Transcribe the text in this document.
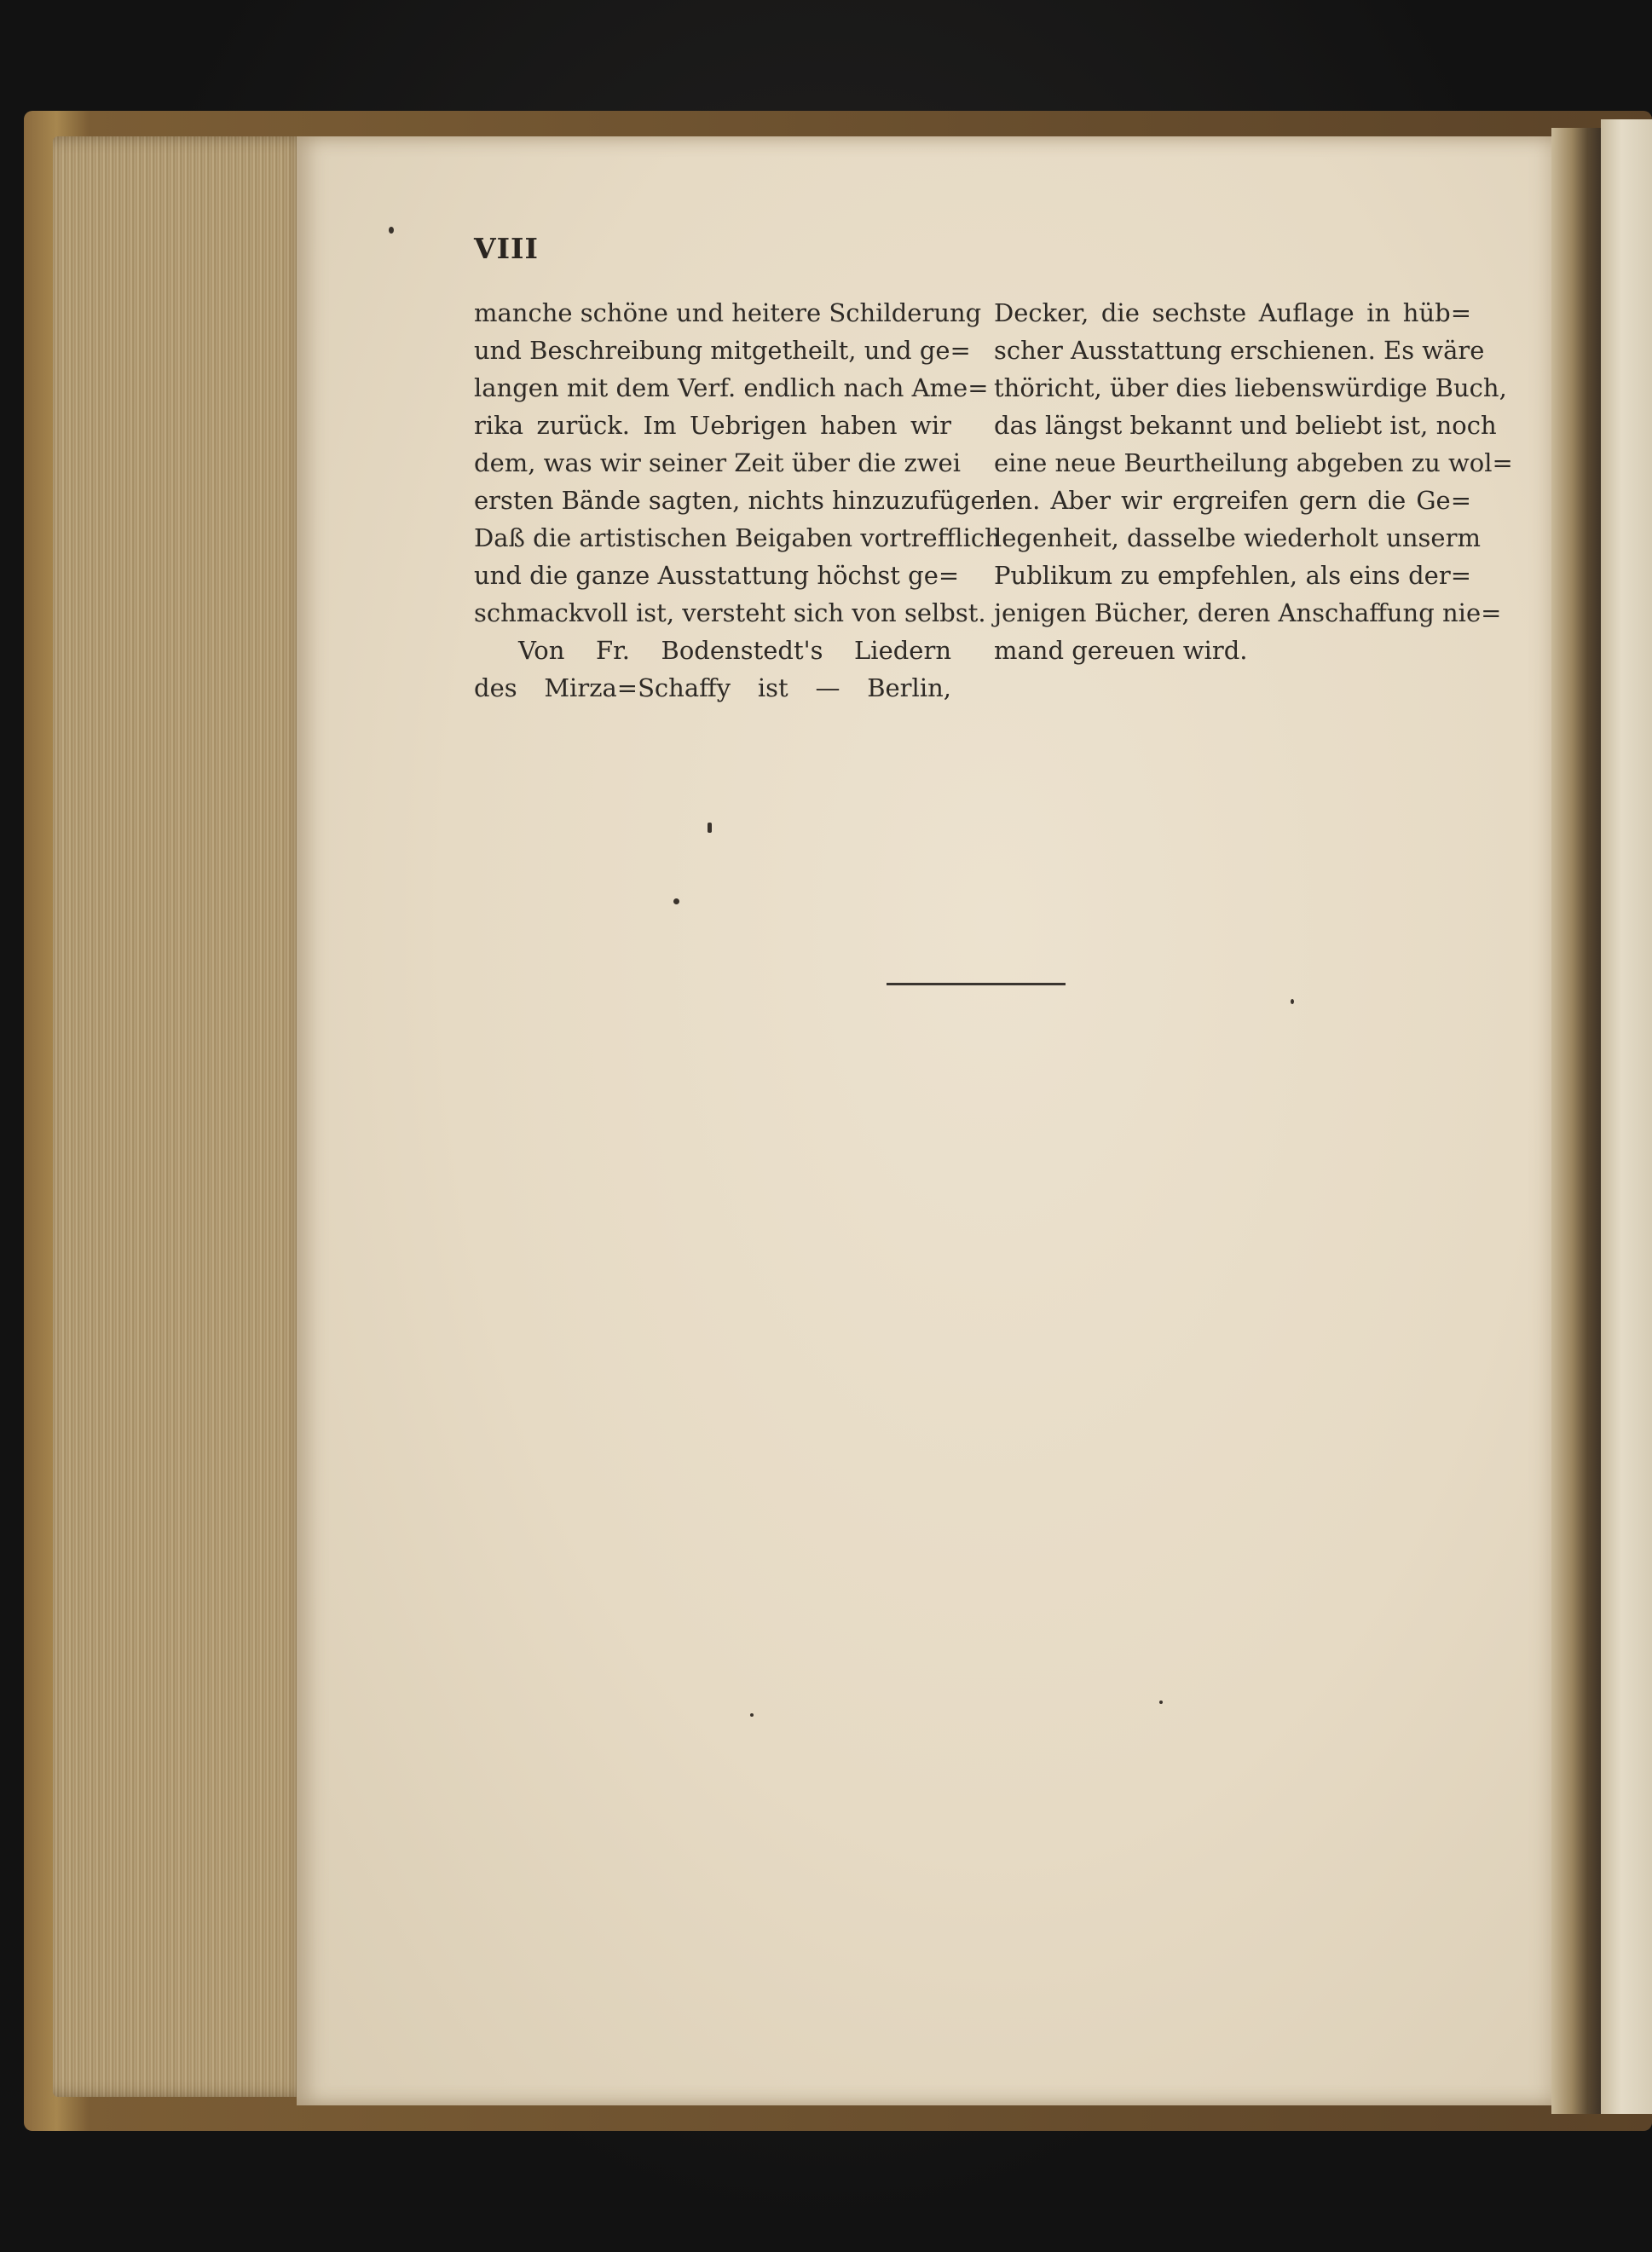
VIII
manche schöne und heitere Schilderung
und Beschreibung mitgetheilt, und ge=
langen mit dem Verf. endlich nach Ame=
rika zurück. Im Uebrigen haben wir
dem, was wir seiner Zeit über die zwei
ersten Bände sagten, nichts hinzuzufügen.
Daß die artistischen Beigaben vortrefflich
und die ganze Ausstattung höchst ge=
schmackvoll ist, versteht sich von selbst.
Von Fr. Bodenstedt's Liedern
des Mirza=Schaffy ist — Berlin,
Decker, die sechste Auflage in hüb=
scher Ausstattung erschienen. Es wäre
thöricht, über dies liebenswürdige Buch,
das längst bekannt und beliebt ist, noch
eine neue Beurtheilung abgeben zu wol=
len. Aber wir ergreifen gern die Ge=
legenheit, dasselbe wiederholt unserm
Publikum zu empfehlen, als eins der=
jenigen Bücher, deren Anschaffung nie=
mand gereuen wird.
